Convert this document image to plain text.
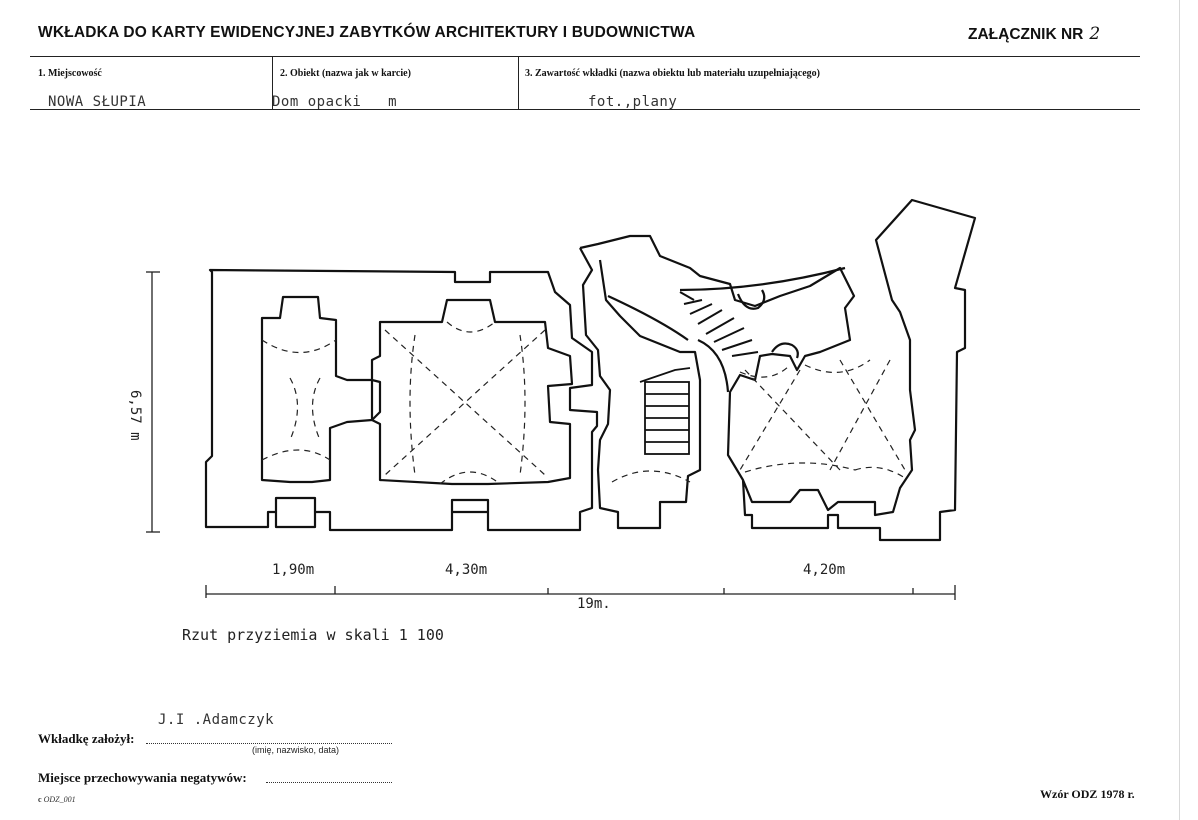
WKŁADKA DO KARTY EWIDENCYJNEJ ZABYTKÓW ARCHITEKTURY I BUDOWNICTWA	ZAŁĄCZNIK NR 2
1. Miejscowość	2. Obiekt (nazwa jak w karcie)	3. Zawartość wkładki (nazwa obiektu lub materiału uzupełniającego)
NOWA SŁUPIA	Dom opacki m	fot.,plany
6,57 m
1,90m	4,30m	4,20m
19m.
Rzut przyziemia w skali 1 100
J.I .Adamczyk
Wkładkę założył:
(imię, nazwisko, data)
Miejsce przechowywania negatywów:
c ODZ_001	Wzór ODZ 1978 r.
